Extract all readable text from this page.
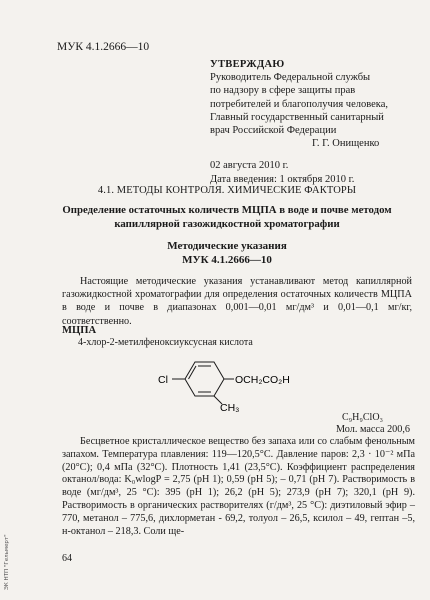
МУК 4.1.2666—10
УТВЕРЖДАЮ
Руководитель Федеральной службы
по надзору в сфере защиты прав
потребителей и благополучия человека,
Главный государственный санитарный
врач Российской Федерации
Г. Г. Онищенко
02 августа 2010 г.
Дата введения: 1 октября 2010 г.
4.1. МЕТОДЫ КОНТРОЛЯ. ХИМИЧЕСКИЕ ФАКТОРЫ
Определение остаточных количеств МЦПА в воде и почве методом капиллярной газожидкостной хроматографии
Методические указания
МУК 4.1.2666—10

Настоящие методические указания устанавливают метод капиллярной газожидкостной хроматографии для определения остаточных количеств МЦПА в воде и почве в диапазонах 0,001—0,01 мг/дм³ и 0,01—0,1 мг/кг, соответственно.

МЦПА
4-хлор-2-метилфеноксиуксусная кислота
Cl	OCH₂CO₂H
CH₃
C₉H₉ClO₃
Мол. масса 200,6

Бесцветное кристаллическое вещество без запаха или со слабым фенольным запахом. Температура плавления: 119—120,5°С. Давление паров: 2,3 · 10⁻² мПа (20°С); 0,4 мПа (32°С). Плотность 1,41 (23,5°С). Коэффициент распределения октанол/вода: K₀wlogP = 2,75 (pH 1); 0,59 (pH 5); – 0,71 (pH 7). Растворимость в воде (мг/дм³, 25 °С): 395 (pH 1); 26,2 (pH 5); 273,9 (pH 7); 320,1 (pH 9). Растворимость в органических растворителях (г/дм³, 25 °С): диэтиловый эфир –770, метанол – 775,6, дихлорметан - 69,2, толуол – 26,5, ксилол – 49, гептан –5, н-октанол – 218,3. Соли ще-

64
ЭК НТП "Гельмерт"
